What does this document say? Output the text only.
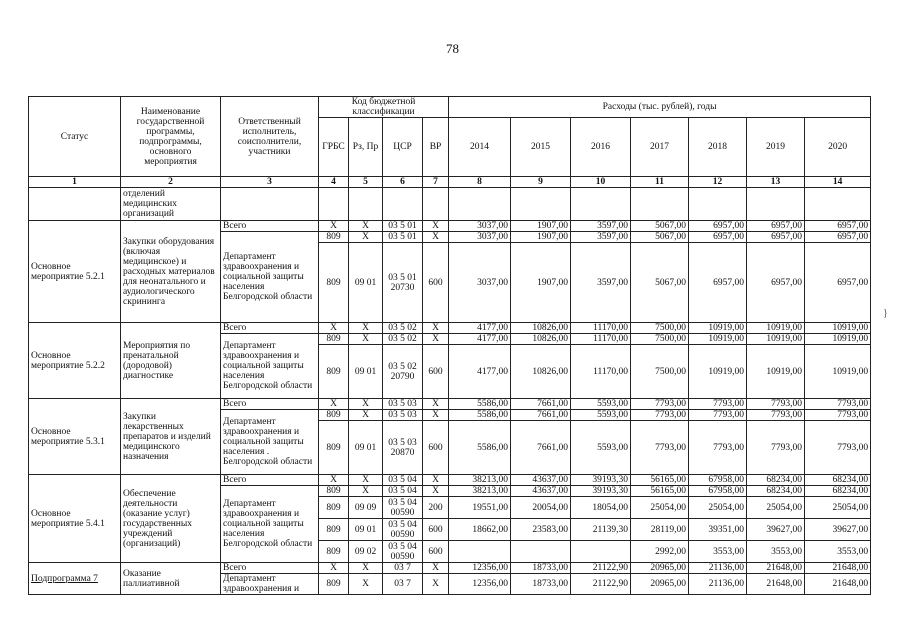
78
Статус	Наименование государственной программы, подпрограммы, основного мероприятия	Ответственный исполнитель, соисполнители, участники	Код бюджетной классификации				Расходы (тыс. рублей), годы						
			ГРБС	Рз, Пр	ЦСР	ВР	2014	2015	2016	2017	2018	2019	2020
1	2	3	4	5	6	7	8	9	10	11	12	13	14
	отделений медицинских организаций												
Основное мероприятие 5.2.1	Закупки оборудования (включая медицинское) и расходных материалов для неонатального и аудиологического скрининга	Всего	X	X	03 5 01	X	3037,00	1907,00	3597,00	5067,00	6957,00	6957,00	6957,00
		Департамент здравоохранения и социальной защиты населения Белгородской области	809	X	03 5 01	X	3037,00	1907,00	3597,00	5067,00	6957,00	6957,00	6957,00
			809	09 01	03 5 01 20730	600	3037,00	1907,00	3597,00	5067,00	6957,00	6957,00	6957,00
Основное мероприятие 5.2.2	Мероприятия по пренатальной (дородовой) диагностике	Всего	X	X	03 5 02	X	4177,00	10826,00	11170,00	7500,00	10919,00	10919,00	10919,00
		Департамент здравоохранения и социальной защиты населения Белгородской области	809	X	03 5 02	X	4177,00	10826,00	11170,00	7500,00	10919,00	10919,00	10919,00
			809	09 01	03 5 02 20790	600	4177,00	10826,00	11170,00	7500,00	10919,00	10919,00	10919,00
Основное мероприятие 5.3.1	Закупки лекарственных препаратов и изделий медицинского назначения	Всего	X	X	03 5 03	X	5586,00	7661,00	5593,00	7793,00	7793,00	7793,00	7793,00
		Департамент здравоохранения и социальной защиты населения . Белгородской области	809	X	03 5 03	X	5586,00	7661,00	5593,00	7793,00	7793,00	7793,00	7793,00
			809	09 01	03 5 03 20870	600	5586,00	7661,00	5593,00	7793,00	7793,00	7793,00	7793,00
Основное мероприятие 5.4.1	Обеспечение деятельности (оказание услуг) государственных учреждений (организаций)	Всего	X	X	03 5 04	X	38213,00	43637,00	39193,30	56165,00	67958,00	68234,00	68234,00
		Департамент здравоохранения и социальной защиты населения Белгородской области	809	X	03 5 04	X	38213,00	43637,00	39193,30	56165,00	67958,00	68234,00	68234,00
			809	09 09	03 5 04 00590	200	19551,00	20054,00	18054,00	25054,00	25054,00	25054,00	25054,00
			809	09 01	03 5 04 00590	600	18662,00	23583,00	21139,30	28119,00	39351,00	39627,00	39627,00
			809	09 02	03 5 04 00590	600				2992,00	3553,00	3553,00	3553,00
Подпрограмма 7	Оказание паллиативной	Всего	X	X	03 7	X	12356,00	18733,00	21122,90	20965,00	21136,00	21648,00	21648,00
		Департамент здравоохранения и	809	X	03 7	X	12356,00	18733,00	21122,90	20965,00	21136,00	21648,00	21648,00
}
